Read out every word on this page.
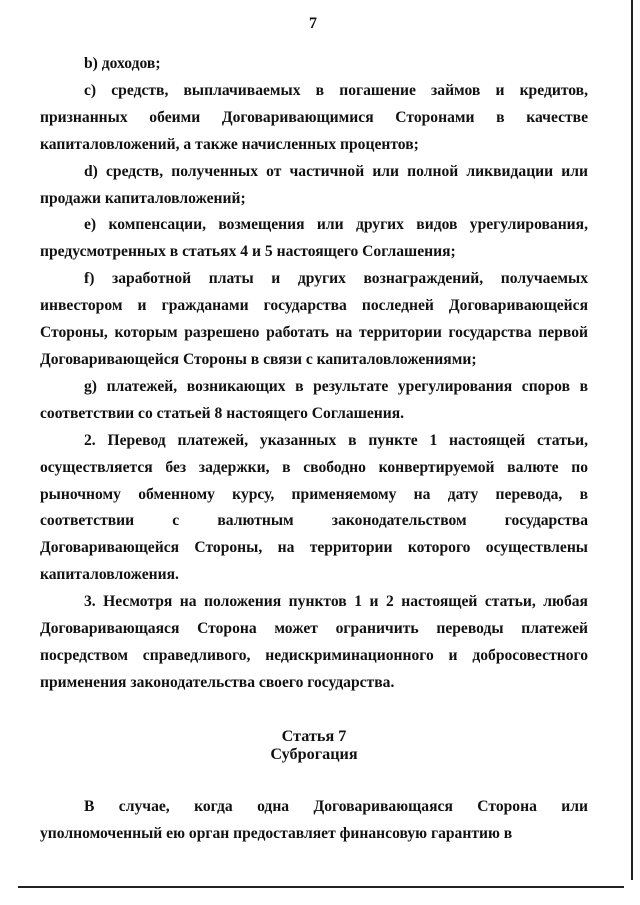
7

b) доходов;

c) средств, выплачиваемых в погашение займов и кредитов, признанных обеими Договаривающимися Сторонами в качестве капиталовложений, а также начисленных процентов;

d) средств, полученных от частичной или полной ликвидации или продажи капиталовложений;

e) компенсации, возмещения или других видов урегулирования, предусмотренных в статьях 4 и 5 настоящего Соглашения;

f) заработной платы и других вознаграждений, получаемых инвестором и гражданами государства последней Договаривающейся Стороны, которым разрешено работать на территории государства первой Договаривающейся Стороны в связи с капиталовложениями;

g) платежей, возникающих в результате урегулирования споров в соответствии со статьей 8 настоящего Соглашения.

2. Перевод платежей, указанных в пункте 1 настоящей статьи, осуществляется без задержки, в свободно конвертируемой валюте по рыночному обменному курсу, применяемому на дату перевода, в соответствии с валютным законодательством государства Договаривающейся Стороны, на территории которого осуществлены капиталовложения.

3. Несмотря на положения пунктов 1 и 2 настоящей статьи, любая Договаривающаяся Сторона может ограничить переводы платежей посредством справедливого, недискриминационного и добросовестного применения законодательства своего государства.

Статья 7

Суброгация

В случае, когда одна Договаривающаяся Сторона или уполномоченный ею орган предоставляет финансовую гарантию в
